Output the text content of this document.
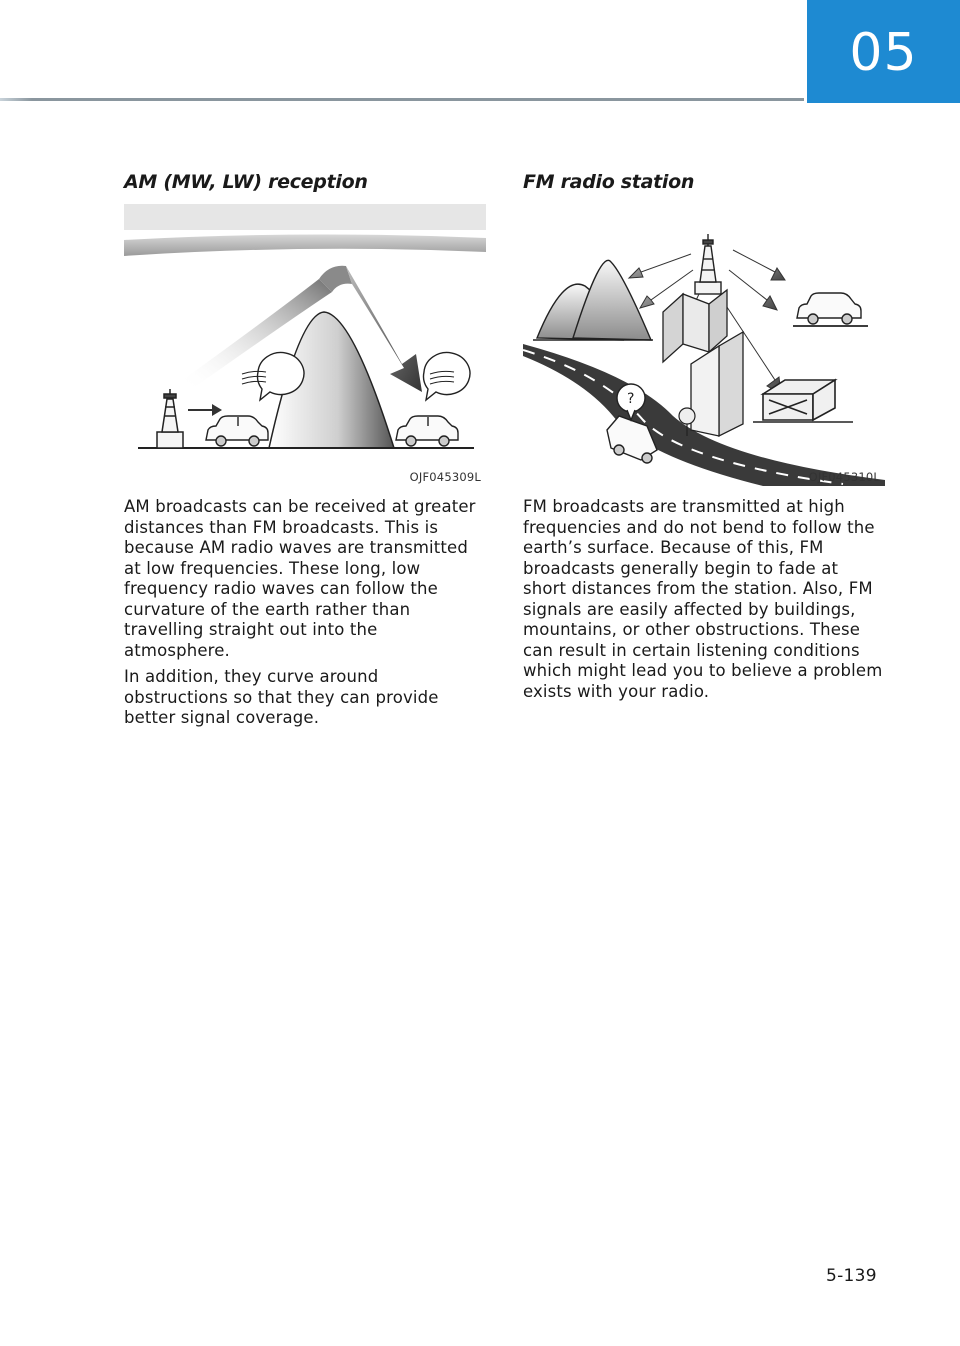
05
AM (MW, LW) reception
OJF045309L

AM broadcasts can be received at greater distances than FM broadcasts. This is because AM radio waves are transmitted at low frequencies. These long, low frequency radio waves can follow the curvature of the earth rather than travelling straight out into the atmosphere.

In addition, they curve around obstructions so that they can provide better signal coverage.

FM radio station
?
OJF045310L

FM broadcasts are transmitted at high frequencies and do not bend to follow the earth’s surface. Because of this, FM broadcasts generally begin to fade at short distances from the station. Also, FM signals are easily affected by buildings, mountains, or other obstructions. These can result in certain listening conditions which might lead you to believe a problem exists with your radio.

5-139
